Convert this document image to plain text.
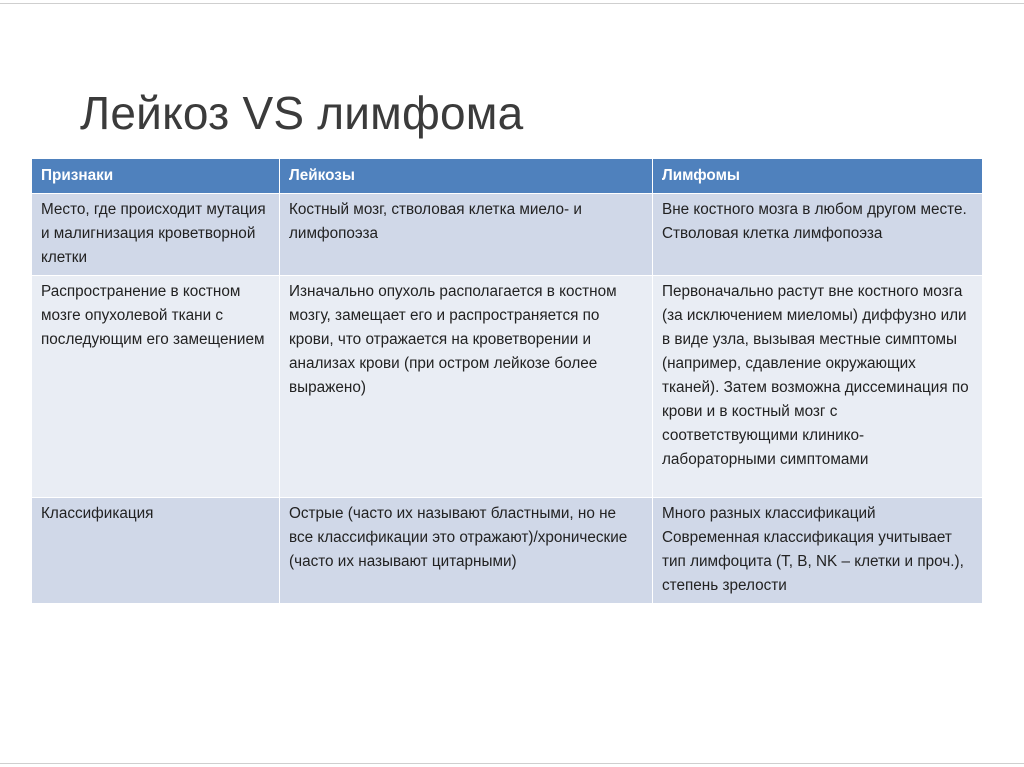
Лейкоз VS лимфома
Признаки	Лейкозы	Лимфомы
Место, где происходит мутация и малигнизация кроветворной клетки	Костный мозг, стволовая клетка миело- и лимфопоэза	Вне костного мозга в любом другом месте. Стволовая клетка лимфопоэза
Распространение в костном мозге опухолевой ткани с последующим его замещением	Изначально опухоль располагается в костном мозгу, замещает его и распространяется по крови, что отражается на кроветворении и анализах крови (при остром лейкозе более выражено)	Первоначально растут вне костного мозга (за исключением миеломы) диффузно или в виде узла, вызывая местные симптомы (например, сдавление окружающих тканей). Затем возможна диссеминация по крови и в костный мозг с соответствующими клинико-лабораторными симптомами
Классификация	Острые (часто их называют бластными, но не все классификации это отражают)/хронические (часто их называют цитарными)	Много разных классификаций Современная классификация учитывает тип лимфоцита (T, B, NK – клетки и проч.), степень зрелости
